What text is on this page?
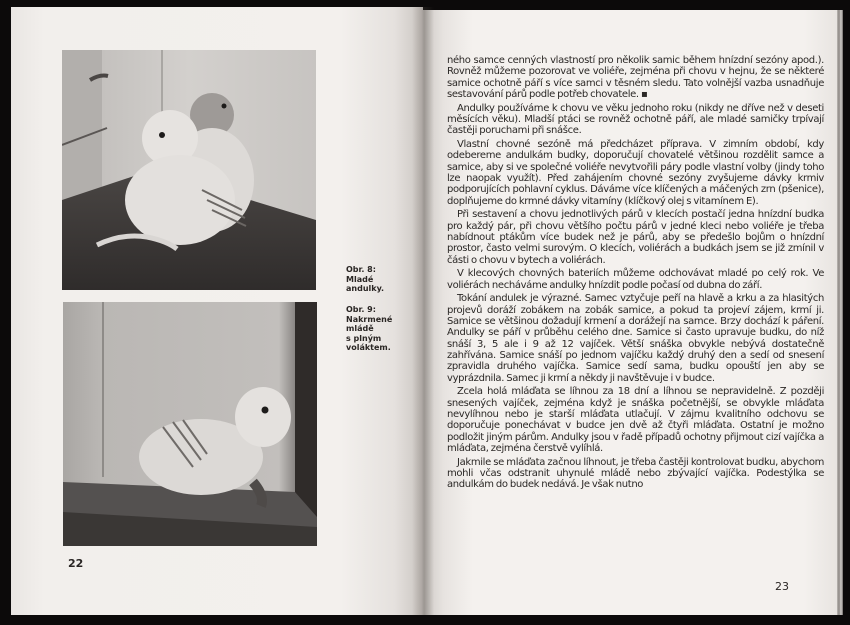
Obr. 8:
Mladé
andulky.
Obr. 9:
Nakrmené
mládě
s plným
voláktem.
22

ného samce cenných vlastností pro několik samic během hnízdní sezóny apod.). Rovněž můžeme pozorovat ve voliéře, zejména při chovu v hejnu, že se některé samice ochotně páří s více samci v těsném sledu. Tato volnější vazba usnadňuje sestavování párů podle potřeb chovatele. ▪

Andulky používáme k chovu ve věku jednoho roku (nikdy ne dříve než v deseti měsících věku). Mladší ptáci se rovněž ochotně páří, ale mladé samičky trpívají častěji poruchami při snášce.

Vlastní chovné sezóně má předcházet příprava. V zimním období, kdy odebereme andulkám budky, doporučují chovatelé většinou rozdělit samce a samice, aby si ve společné voliéře nevytvořili páry podle vlastní volby (jindy toho lze naopak využít). Před zahájením chovné sezóny zvyšujeme dávky krmiv podporujících pohlavní cyklus. Dáváme více klíčených a máčených zrn (pšenice), doplňujeme do krmné dávky vitamíny (klíčkový olej s vitamínem E).

Při sestavení a chovu jednotlivých párů v klecích postačí jedna hnízdní budka pro každý pár, při chovu většího počtu párů v jedné kleci nebo voliéře je třeba nabídnout ptákům více budek než je párů, aby se předešlo bojům o hnízdní prostor, často velmi surovým. O klecích, voliérách a budkách jsem se již zmínil v části o chovu v bytech a voliérách.

V klecových chovných bateriích můžeme odchovávat mladé po celý rok. Ve voliérách necháváme andulky hnízdit podle počasí od dubna do září.

Tokání andulek je výrazné. Samec vztyčuje peří na hlavě a krku a za hlasitých projevů doráží zobákem na zobák samice, a pokud ta projeví zájem, krmí ji. Samice se většinou dožadují krmení a dorážejí na samce. Brzy dochází k páření. Andulky se páří v průběhu celého dne. Samice si často upravuje budku, do níž snáší 3, 5 ale i 9 až 12 vajíček. Větší snáška obvykle nebývá dostatečně zahřívána. Samice snáší po jednom vajíčku každý druhý den a sedí od snesení zpravidla druhého vajíčka. Samice sedí sama, budku opouští jen aby se vyprázdnila. Samec ji krmí a někdy ji navštěvuje i v budce.

Zcela holá mláďata se líhnou za 18 dní a líhnou se nepravidelně. Z později snesených vajíček, zejména když je snáška početnější, se obvykle mláďata nevylíhnou nebo je starší mláďata utlačují. V zájmu kvalitního odchovu se doporučuje ponechávat v budce jen dvě až čtyři mláďata. Ostatní je možno podložit jiným párům. Andulky jsou v řadě případů ochotny přijmout cizí vajíčka a mláďata, zejména čerstvě vylíhlá.

Jakmile se mláďata začnou líhnout, je třeba častěji kontrolovat budku, abychom mohli včas odstranit uhynulé mládě nebo zbývající vajíčka. Podestýlka se andulkám do budek nedává. Je však nutno

23
